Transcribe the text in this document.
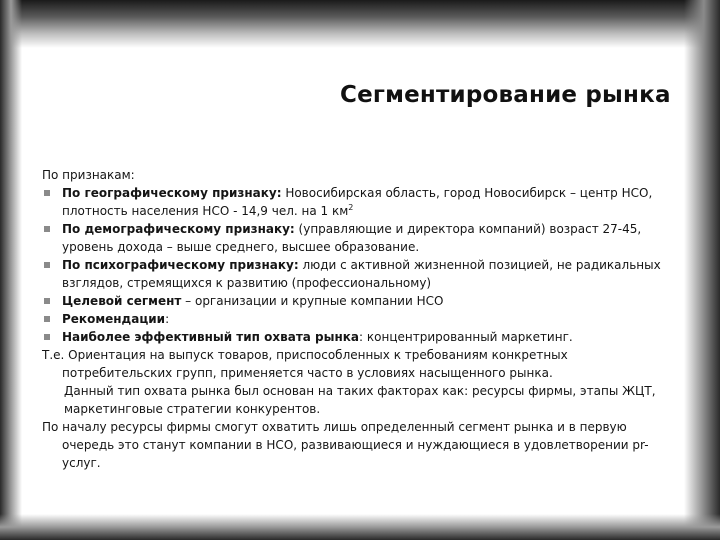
Сегментирование рынка

По признакам:

По географическому признаку: Новосибирская область, город Новосибирск – центр НСО, плотность населения НСО - 14,9 чел. на 1 $км^2$

По демографическому признаку: (управляющие и директора компаний) возраст 27-45, уровень дохода – выше среднего, высшее образование.

По психографическому признаку: люди с активной жизненной позицией, не радикальных взглядов, стремящихся к развитию (профессиональному)

Целевой сегмент – организации и крупные компании НСО

Рекомендации:

Наиболее эффективный тип охвата рынка: концентрированный маркетинг.

Т.е. Ориентация на выпуск товаров, приспособленных к требованиям конкретных

потребительских групп, применяется часто в условиях насыщенного рынка.

Данный тип охвата рынка был основан на таких факторах как: ресурсы фирмы, этапы ЖЦТ,

маркетинговые стратегии конкурентов.

По началу ресурсы фирмы смогут охватить лишь определенный сегмент рынка и в первую

очередь это станут компании в НСО, развивающиеся и нуждающиеся в удовлетворении pr-

услуг.
